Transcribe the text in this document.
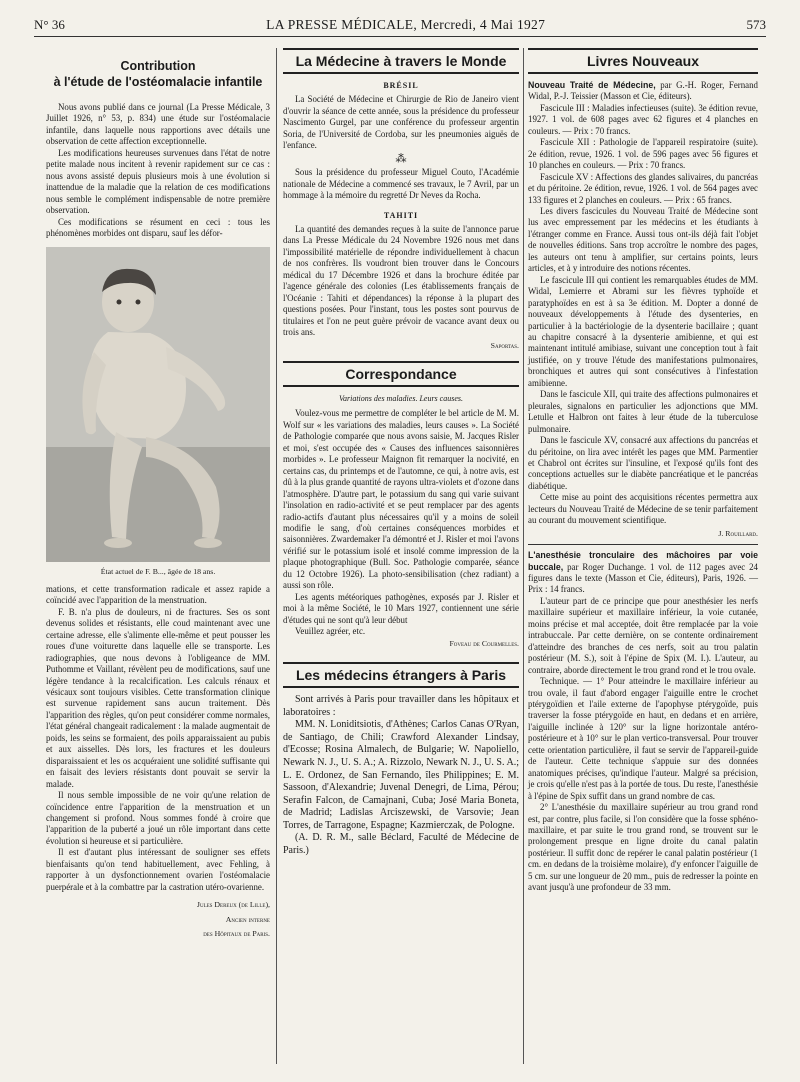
N° 36	LA PRESSE MÉDICALE, Mercredi, 4 Mai 1927	573
Contribution
à l'étude de l'ostéomalacie infantile

Nous avons publié dans ce journal (La Presse Médicale, 3 Juillet 1926, n° 53, p. 834) une étude sur l'ostéomalacie infantile, dans laquelle nous rapportions avec détails une observation de cette affection exceptionnelle.

Les modifications heureuses survenues dans l'état de notre petite malade nous incitent à revenir rapidement sur ce cas : nous avons assisté depuis plusieurs mois à une évolution si inattendue de la maladie que la relation de ces modifications nous semble le complément indispensable de notre première observation.

Ces modifications se résument en ceci : tous les phénomènes morbides ont disparu, sauf les défor-

État actuel de F. B..., âgée de 18 ans.

mations, et cette transformation radicale et assez rapide a coïncidé avec l'apparition de la menstruation.

F. B. n'a plus de douleurs, ni de fractures. Ses os sont devenus solides et résistants, elle coud maintenant avec une certaine adresse, elle s'alimente elle-même et peut pousser les roues d'une voiturette dans laquelle elle se transporte. Les radiographies, que nous devons à l'obligeance de MM. Puthomme et Vaillant, révèlent peu de modifications, sauf une légère tendance à la recalcification. Les calculs rénaux et vésicaux sont toujours visibles. Cette transformation clinique est survenue rapidement sans aucun traitement. Dès l'apparition des règles, qu'on peut considérer comme normales, l'état général changeait radicalement : la malade augmentait de poids, les seins se formaient, des poils apparaissaient au pubis et aux aisselles. Dès lors, les fractures et les douleurs disparaissaient et les os acquéraient une solidité suffisante qui en faisait des leviers résistants dont pouvait se servir la malade.

Il nous semble impossible de ne voir qu'une relation de coïncidence entre l'apparition de la menstruation et un changement si profond. Nous sommes fondé à croire que l'apparition de la puberté a joué un rôle important dans cette évolution si heureuse et si particulière.

Il est d'autant plus intéressant de souligner ses effets bienfaisants qu'on tend habituellement, avec Fehling, à rapporter à un dysfonctionnement ovarien l'ostéomalacie puerpérale et à la combattre par la castration utéro-ovarienne.

Jules Dereux (de Lille),
Ancien interne
des Hôpitaux de Paris.
La Médecine à travers le Monde
BRÉSIL

La Société de Médecine et Chirurgie de Rio de Janeiro vient d'ouvrir la séance de cette année, sous la présidence du professeur Nascimento Gurgel, par une conférence du professeur argentin Soria, de l'Université de Cordoba, sur les pneumonies aiguës de l'enfance.

⁂

Sous la présidence du professeur Miguel Couto, l'Académie nationale de Médecine a commencé ses travaux, le 7 Avril, par un hommage à la mémoire du regretté Dr Neves da Rocha.

TAHITI

La quantité des demandes reçues à la suite de l'annonce parue dans La Presse Médicale du 24 Novembre 1926 nous met dans l'impossibilité matérielle de répondre individuellement à chacun de nos confrères. Ils voudront bien trouver dans le Concours médical du 17 Décembre 1926 et dans la brochure éditée par l'agence générale des colonies (Les établissements français de l'Océanie : Tahiti et dépendances) la réponse à la plupart des questions posées. Pour l'instant, tous les postes sont pourvus de titulaires et l'on ne peut guère prévoir de vacance avant deux ou trois ans.

Saportas.
Correspondance
Variations des maladies. Leurs causes.

Voulez-vous me permettre de compléter le bel article de M. M. Wolf sur « les variations des maladies, leurs causes ». La Société de Pathologie comparée que nous avons saisie, M. Jacques Risler et moi, s'est occupée des « Causes des influences saisonnières morbides ». Le professeur Maignon fit remarquer la nocivité, en certains cas, du printemps et de l'automne, ce qui, à notre avis, est dû à la plus grande quantité de rayons ultra-violets et d'ozone dans l'atmosphère. D'autre part, le potassium du sang qui varie suivant l'insolation en radio-activité et se peut remplacer par des agents radio-actifs d'autant plus nécessaires qu'il y a moins de soleil modifie le sang, d'où certaines conséquences morbides et saisonnières. Zwardemaker l'a démontré et J. Risler et moi l'avons vérifié sur le potassium isolé et insolé comme impression de la plaque photographique (Bull. Soc. Pathologie comparée, séance du 12 Octobre 1926). La photo-sensibilisation (chez radiant) a aussi son rôle.

Les agents météoriques pathogènes, exposés par J. Risler et moi à la même Société, le 10 Mars 1927, contiennent une série d'études qui ne sont qu'à leur début

Veuillez agréer, etc.

Foveau de Courmelles.
Les médecins étrangers à Paris

Sont arrivés à Paris pour travailler dans les hôpitaux et laboratoires :

MM. N. Loniditsiotis, d'Athènes; Carlos Canas O'Ryan, de Santiago, de Chili; Crawford Alexander Lindsay, d'Ecosse; Rosina Almalech, de Bulgarie; W. Napoliello, Newark N. J., U. S. A.; A. Rizzolo, Newark N. J., U. S. A.; L. E. Ordonez, de San Fernando, îles Philippines; E. M. Sassoon, d'Alexandrie; Juvenal Denegri, de Lima, Pérou; Serafin Falcon, de Camajnani, Cuba; José Maria Boneta, de Madrid; Ladislas Arciszewski, de Varsovie; Jean Torres, de Tarragone, Espagne; Kazmierczak, de Pologne.

(A. D. R. M., salle Béclard, Faculté de Médecine de Paris.)

Livres Nouveaux

Nouveau Traité de Médecine, par G.-H. Roger, Fernand Widal, P.-J. Teissier (Masson et Cie, éditeurs).

Fascicule III : Maladies infectieuses (suite). 3e édition revue, 1927. 1 vol. de 608 pages avec 62 figures et 4 planches en couleurs. — Prix : 70 francs.

Fascicule XII : Pathologie de l'appareil respiratoire (suite). 2e édition, revue, 1926. 1 vol. de 596 pages avec 56 figures et 10 planches en couleurs. — Prix : 70 francs.

Fascicule XV : Affections des glandes salivaires, du pancréas et du péritoine. 2e édition, revue, 1926. 1 vol. de 564 pages avec 133 figures et 2 planches en couleurs. — Prix : 65 francs.

Les divers fascicules du Nouveau Traité de Médecine sont lus avec empressement par les médecins et les étudiants à l'étranger comme en France. Aussi tous ont-ils déjà fait l'objet de nouvelles éditions. Sans trop accroître le nombre des pages, les auteurs ont tenu à amplifier, sur certains points, leurs articles, et à y introduire des notions récentes.

Le fascicule III qui contient les remarquables études de MM. Widal, Lemierre et Abrami sur les fièvres typhoïde et paratyphoïdes en est à sa 3e édition. M. Dopter a donné de nouveaux développements à l'étude des dysenteries, en particulier à la bactériologie de la dysenterie bacillaire ; quant au chapitre consacré à la dysenterie amibienne, et qui est maintenant intitulé amibiase, suivant une conception tout à fait justifiée, on y trouve l'étude des manifestations pulmonaires, bronchiques et autres qui sont consécutives à l'infestation amibienne.

Dans le fascicule XII, qui traite des affections pulmonaires et pleurales, signalons en particulier les adjonctions que MM. Letulle et Halbron ont faites à leur étude de la tuberculose pulmonaire.

Dans le fascicule XV, consacré aux affections du pancréas et du péritoine, on lira avec intérêt les pages que MM. Parmentier et Chabrol ont écrites sur l'insuline, et l'exposé qu'ils font des conceptions actuelles sur le diabète pancréatique et le pancréas diabétique.

Cette mise au point des acquisitions récentes permettra aux lecteurs du Nouveau Traité de Médecine de se tenir parfaitement au courant du mouvement scientifique.

J. Rouillard.

L'anesthésie tronculaire des mâchoires par voie buccale, par Roger Duchange. 1 vol. de 112 pages avec 24 figures dans le texte (Masson et Cie, éditeurs), Paris, 1926. — Prix : 14 francs.

L'auteur part de ce principe que pour anesthésier les nerfs maxillaire supérieur et maxillaire inférieur, la voie cutanée, moins précise et mal acceptée, doit être remplacée par la voie intrabuccale. Par cette dernière, on se contente ordinairement d'atteindre des branches de ces nerfs, soit au trou palatin postérieur (M. S.), soit à l'épine de Spix (M. I.). L'auteur, au contraire, aborde directement le trou grand rond et le trou ovale.

Technique. — 1° Pour atteindre le maxillaire inférieur au trou ovale, il faut d'abord engager l'aiguille entre le crochet ptérygoïdien et l'aile externe de l'apophyse ptérygoïde, puis traverser la fosse ptérygoïde en haut, en dedans et en arrière, l'aiguille inclinée à 120° sur la ligne horizontale antéro-postérieure et à 10° sur le plan vertico-transversal. Pour trouver cette orientation particulière, il faut se servir de l'appareil-guide de l'auteur. Cette technique s'appuie sur des données anatomiques précises, qu'indique l'auteur. Malgré sa précision, je crois qu'elle n'est pas à la portée de tous. Du reste, l'anesthésie à l'épine de Spix suffit dans un grand nombre de cas.

2° L'anesthésie du maxillaire supérieur au trou grand rond est, par contre, plus facile, si l'on considère que la fosse sphéno-maxillaire, et par suite le trou grand rond, se trouvent sur le prolongement presque en ligne droite du canal palatin postérieur. Il suffit donc de repérer le canal palatin postérieur (1 cm. en dedans de la troisième molaire), d'y enfoncer l'aiguille de 5 cm. sur une longueur de 20 mm., puis de redresser la pointe en avant jusqu'à une profondeur de 33 mm.
